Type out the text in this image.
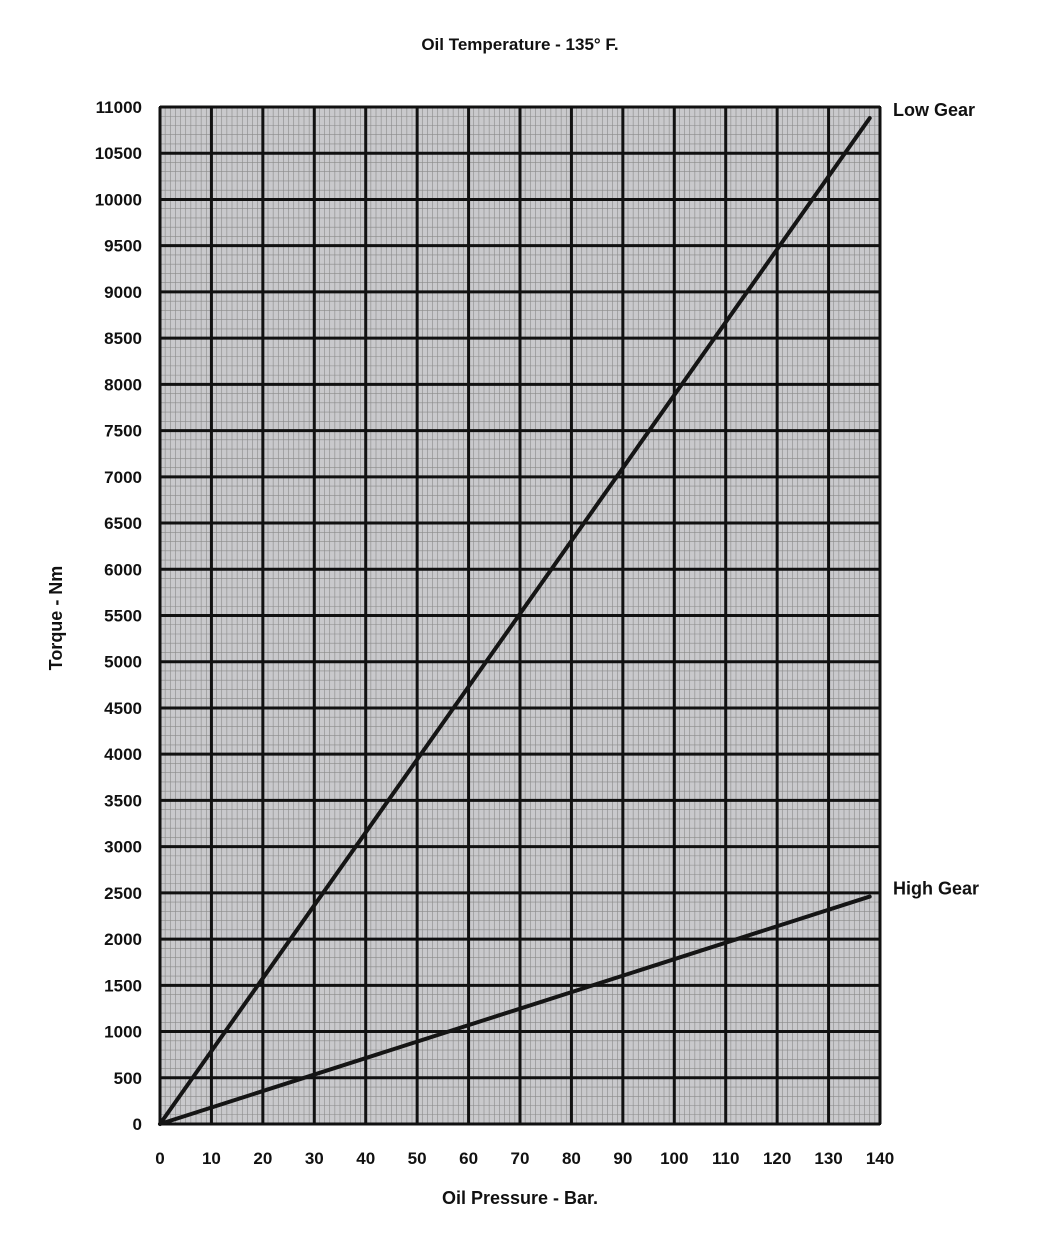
Oil Temperature - 135° F.
0
500
1000
1500
2000
2500
3000
3500
4000
4500
5000
5500
6000
6500
7000
7500
8000
8500
9000
9500
10000
10500
11000
0 10 20 30 40 50 60 70 80 90 100 110 120 130 140
Low Gear
High Gear
Oil Pressure - Bar.
Torque - Nm
